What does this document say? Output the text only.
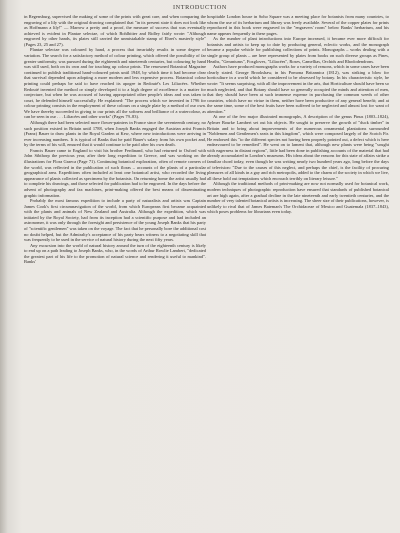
INTRODUCTION

in Regensburg, supervised the making of some of the prints with great care, and when comparing the engraving of a lily with the original drawing complained that "in its present state it does not look like as Hoffmann a lily!" — Marrow a pretty and a proof, the measure of success that was eventually achieved is evident in Plantae selectae, of which Bohlbitter and Ridley fairly wrote: "Although engraved by other hands, its plates still carried the unmistakable stamp of Ehret's masterly style" (Pages 23, 25 and 27).

Plantae selectae was coloured by hand, a process that invariably results in some degree of variation. The search for a satisfactory method of colour printing, which offered the possibility of far greater uniformity, was pursued during the eighteenth and nineteenth centuries, but colouring by hand was still used, both on its own and for touching up colour prints. The renowned Botanical Magazine continued to publish traditional hand-coloured prints until 1948, by which time it had become clear that survival depended upon adopting a more modern and less expensive process. Botanical colour printing could perhaps be said to have reached its apogee in Redouté's Les Liliacées. Whether Redouté invented the method or simply developed it to a high degree of excellence is a matter for conjecture, but when he was accused of having appropriated other people's ideas and was taken to court, he defended himself successfully. He explained: "The process which we invented in 1796 for colour printing consists in the employment of these colours on a single plate by a method of our own. We have thereby succeeded in giving to our prints all the softness and brilliance of a watercolour, as can be seen in our . . . Liliacées and other works" (Pages 79–83).

Although there had been selected more flower-painters in France since the seventeenth century, no such position existed in Britain until 1788, when Joseph Banks engaged the Austrian artist Francis (Franz) Bauer to draw plants in the Royal Garden at Kew, where new introductions were arriving in ever increasing numbers. It is typical of Banks that he paid Bauer's salary from his own pocket and, by the terms of his will, ensured that it would continue to be paid after his own death.

Francis Bauer came to England to visit his brother Ferdinand, who had returned to Oxford with John Sibthorp the previous year, after their long expedition to Greece, and was working on the illustrations for Flora Graeca (Page 71). Continuing botanical exploration, often of remote corners of the world, was reflected in the publication of such floras – accounts of the plants of a particular geographical area. Expeditions often included at least one botanical artist, who recorded the living appearance of plants collected as specimens by the botanists. On returning home the artist usually had to complete his drawings, and those selected for publication had to be engraved. In the days before the advent of photography and fax machines, print-making offered the best means of disseminating graphic information.

Probably the most famous expedition to include a party of naturalists and artists was Captain James Cook's first circumnavigation of the world, from which Europeans first became acquainted with the plants and animals of New Zealand and Australia. Although the expedition, which was initiated by the Royal Society, had from its inception had a scientific purpose and had included an astronomer, it was only through the foresight and persistence of the young Joseph Banks that his party of "scientific gentlemen" was taken on the voyage. The fact that he personally bore the additional cost no doubt helped, but the Admiralty's acceptance of his party bears witness to a negotiating skill that was frequently to be used in the service of natural history during the next fifty years.

Any excursion into the world of natural history around the turn of the eighteenth century is likely to end up on a path leading to Joseph Banks, who, in the words of Arthur Rowlie Lambert, "dedicated the greatest part of his life to the promotion of natural science and rendering it useful to mankind". Banks'

hospitable London house in Soho Square was a meeting place for botanists from many countries, to whom the use of its herbarium and library was freely available. Several of the copper plates for prints reproduced in this book were engraved in the "engravers' room" below Banks' herbarium, and his name appears frequently in these pages.

As the number of plant introductions into Europe increased, it became ever more difficult for botanists and artists to keep up to date by producing general, eclectic works, and the monograph became a popular vehicle for publishing collections of prints. Monographs – works dealing with a single group of plants – are here represented by plates from books on such diverse groups as Pines, Heaths, "Geraniums", Foxgloves, "Liliacées", Roses, Camellias, Orchids and Rhododendrons.

Authors have produced monographs works for a variety of reasons, which in some cases have been clearly stated. George Brookshaw, in his Pomona Britannica (1812), was striking a blow for horticulture in a world which he considered to be obsessed by botany. In his characteristic style, he wrote: "It seems surprising, with all the improvement in the arts, that Horticulture should have been so much neglected, and that Botany should have so generally occupied the minds and attention of men, that they should have been at such immense expense in purchasing the common weeds of other countries, which have no virtue in them, neither have been productive of any general benefit; and at the same time, some of the best fruits have been suffered to be neglected and almost lost for want of attention."

At one of the few major illustrated monographs, A description of the genus Pinus (1803–1824), Aylmer Bourke Lambert set out his objects. He sought to preserve the growth of "duck timber" in Britain and to bring about improvements of the numerous ornamental plantations surrounded "Noblemen and Gentlemen's seats in this kingdom", which were composed largely of the Scotch Fir. He endorsed this "to the different species not having been properly pointed out, a defect which is here endeavoured to be remedied". He went on to lament that, although new plants were being "sought with eagerness in distant regions", little had been done in publishing accounts of the material that had already accumulated in London's museums. His ideas about the reasons for this state of affairs strike a familiar chord today, even though he was writing nearly two hundred years ago, long before the days of television: "Due to the causes of this neglect, and perhaps the chief, is the facility of procuring pleasures of all kinds in a gay and rich metropolis, added to the charm of the society in which we live, all these hold out temptations which encroach terribly on literary leisure."

Although the traditional methods of print-making are now not normally used for botanical work, modern techniques of photographic reproduction have ensured that standards of published botanical art are high again, after a gradual decline in the late nineteenth and early twentieth centuries, and the number of very talented botanical artists is increasing. The sheer size of their publications, however, is unlikely to rival that of James Bateman's The Orchidaceae of Mexico and Guatemala (1837–1843), which poses problems for librarians even today.
